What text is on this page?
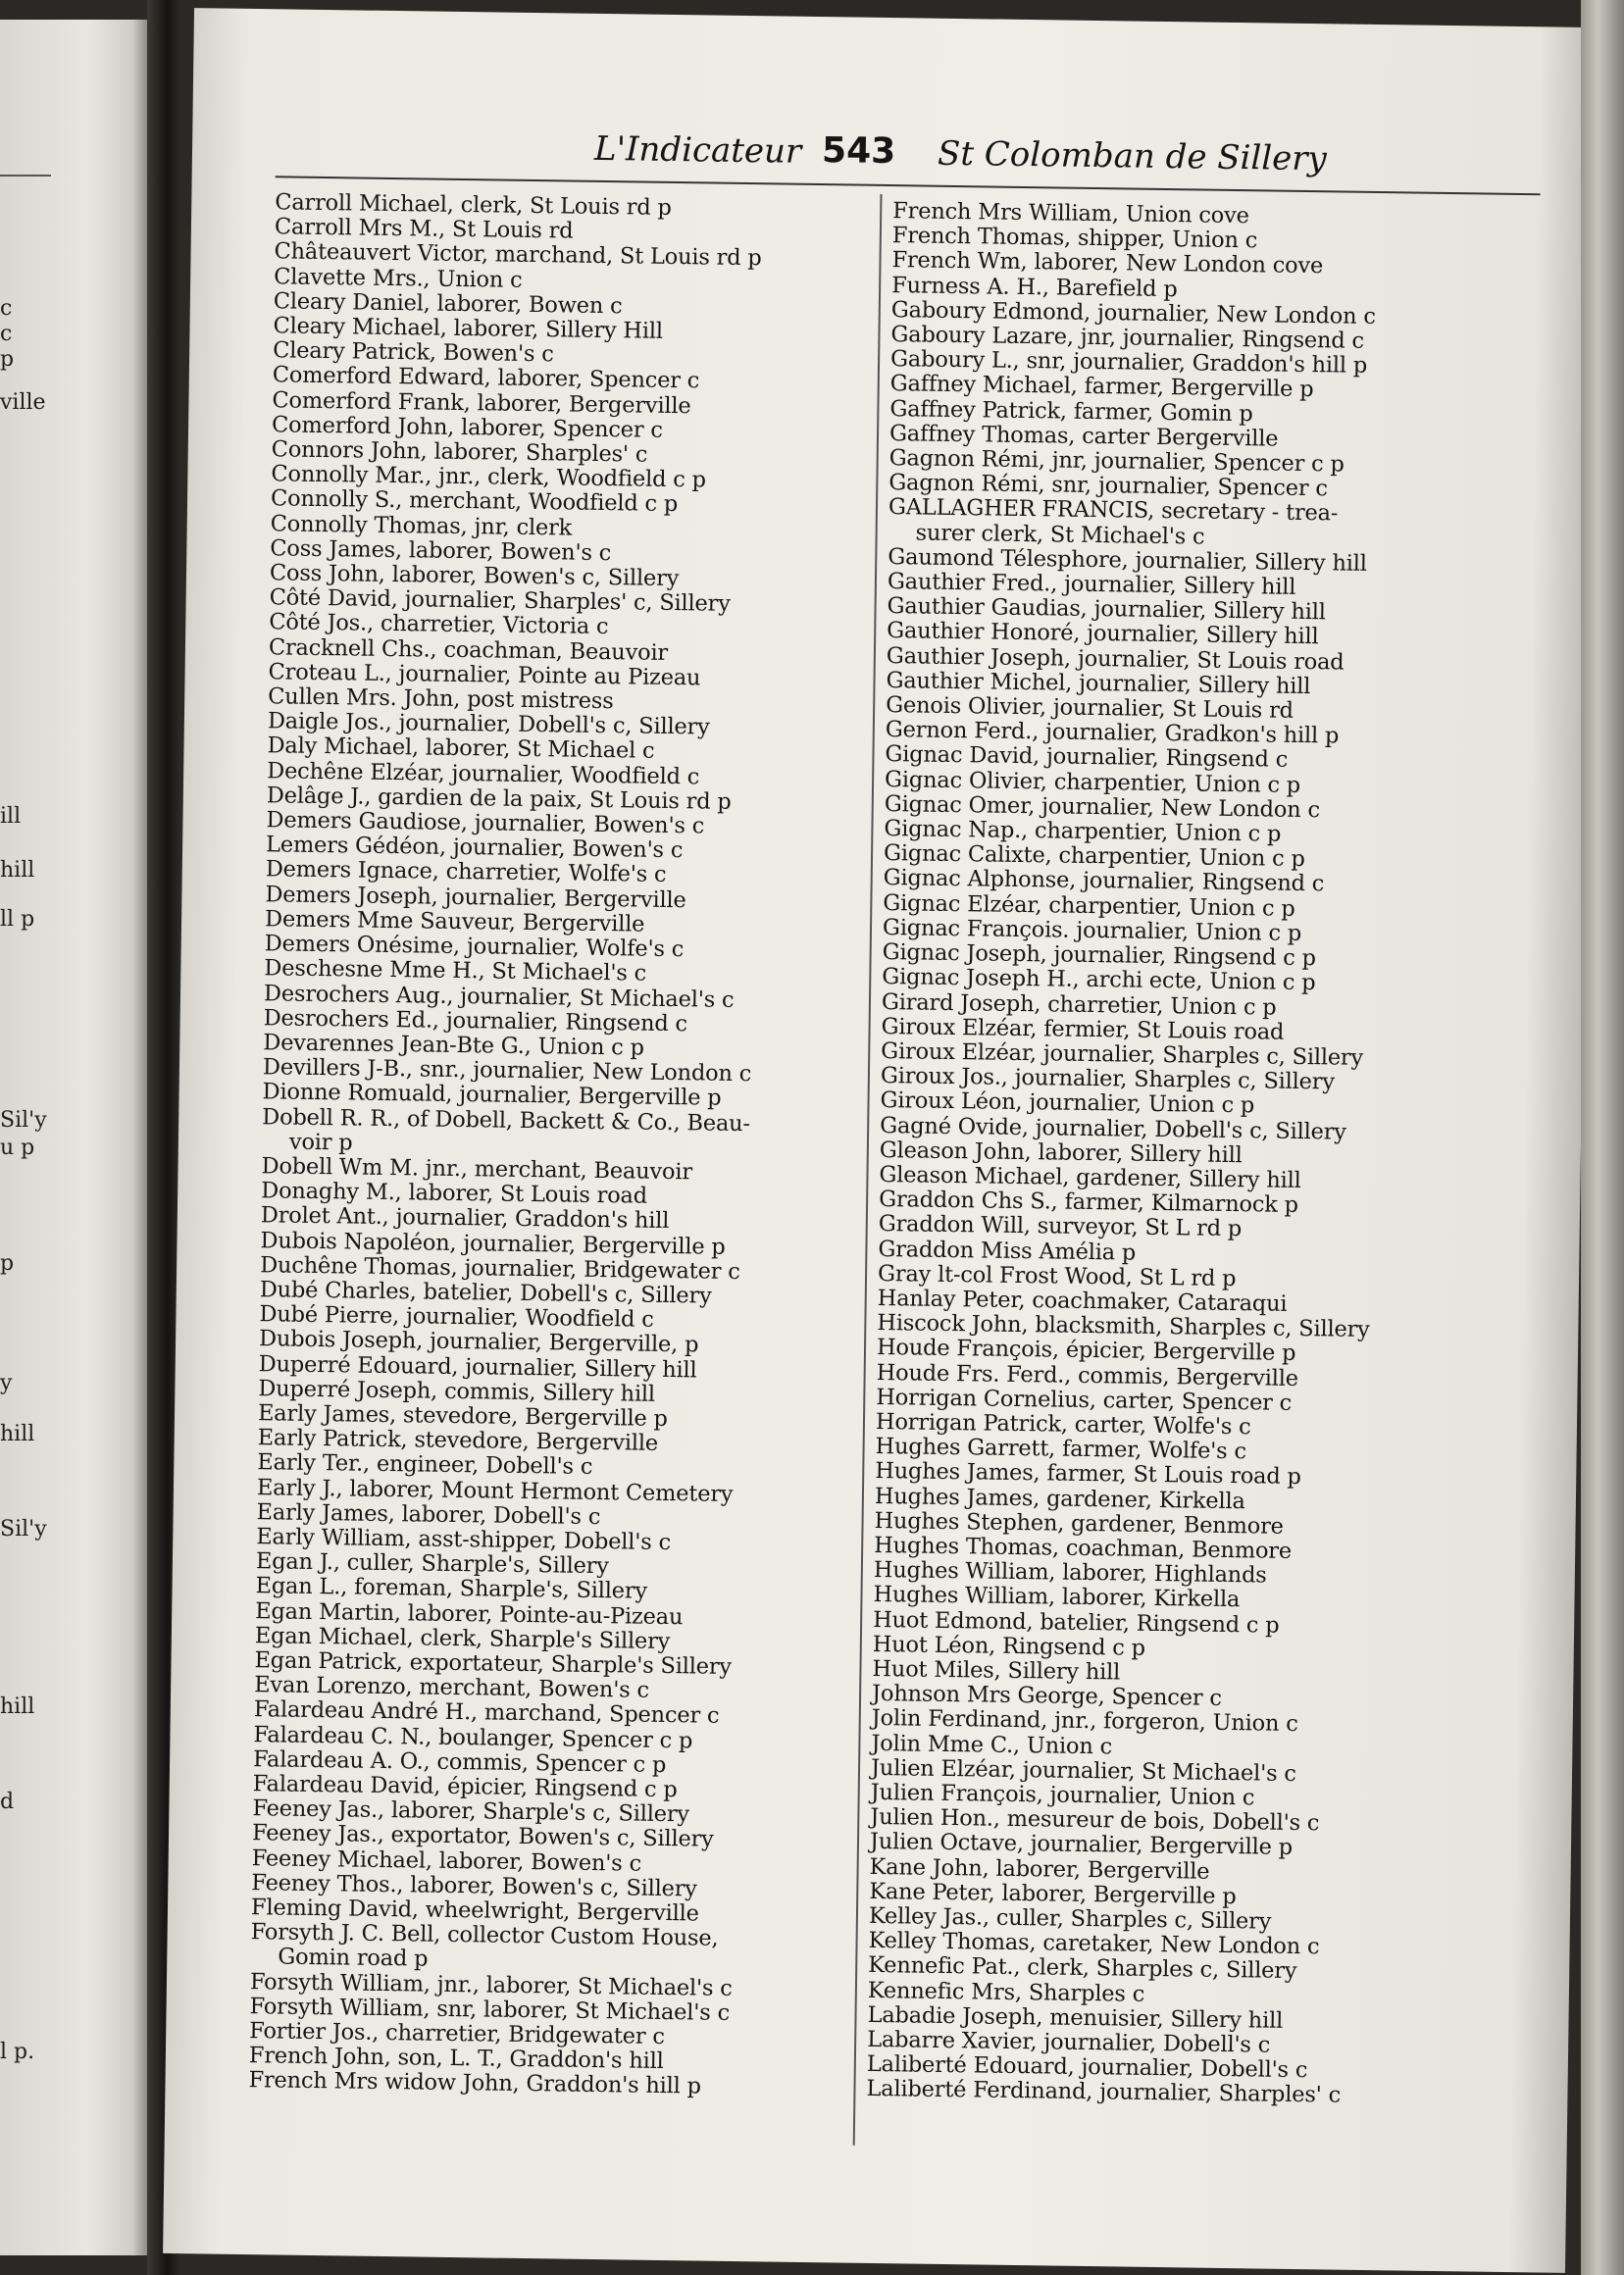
c
c
p
ville
ill
hill
ll p
Sil'y
u p
p
y
hill
Sil'y
hill
d
l p.
L'Indicateur 543 St Colomban de Sillery
Carroll Michael, clerk, St Louis rd p
Carroll Mrs M., St Louis rd
Châteauvert Victor, marchand, St Louis rd p
Clavette Mrs., Union c
Cleary Daniel, laborer, Bowen c
Cleary Michael, laborer, Sillery Hill
Cleary Patrick, Bowen's c
Comerford Edward, laborer, Spencer c
Comerford Frank, laborer, Bergerville
Comerford John, laborer, Spencer c
Connors John, laborer, Sharples' c
Connolly Mar., jnr., clerk, Woodfield c p
Connolly S., merchant, Woodfield c p
Connolly Thomas, jnr, clerk
Coss James, laborer, Bowen's c
Coss John, laborer, Bowen's c, Sillery
Côté David, journalier, Sharples' c, Sillery
Côté Jos., charretier, Victoria c
Cracknell Chs., coachman, Beauvoir
Croteau L., journalier, Pointe au Pizeau
Cullen Mrs. John, post mistress
Daigle Jos., journalier, Dobell's c, Sillery
Daly Michael, laborer, St Michael c
Dechêne Elzéar, journalier, Woodfield c
Delâge J., gardien de la paix, St Louis rd p
Demers Gaudiose, journalier, Bowen's c
Lemers Gédéon, journalier, Bowen's c
Demers Ignace, charretier, Wolfe's c
Demers Joseph, journalier, Bergerville
Demers Mme Sauveur, Bergerville
Demers Onésime, journalier, Wolfe's c
Deschesne Mme H., St Michael's c
Desrochers Aug., journalier, St Michael's c
Desrochers Ed., journalier, Ringsend c
Devarennes Jean-Bte G., Union c p
Devillers J-B., snr., journalier, New London c
Dionne Romuald, journalier, Bergerville p
Dobell R. R., of Dobell, Backett & Co., Beau-
voir p
Dobell Wm M. jnr., merchant, Beauvoir
Donaghy M., laborer, St Louis road
Drolet Ant., journalier, Graddon's hill
Dubois Napoléon, journalier, Bergerville p
Duchêne Thomas, journalier, Bridgewater c
Dubé Charles, batelier, Dobell's c, Sillery
Dubé Pierre, journalier, Woodfield c
Dubois Joseph, journalier, Bergerville, p
Duperré Edouard, journalier, Sillery hill
Duperré Joseph, commis, Sillery hill
Early James, stevedore, Bergerville p
Early Patrick, stevedore, Bergerville
Early Ter., engineer, Dobell's c
Early J., laborer, Mount Hermont Cemetery
Early James, laborer, Dobell's c
Early William, asst-shipper, Dobell's c
Egan J., culler, Sharple's, Sillery
Egan L., foreman, Sharple's, Sillery
Egan Martin, laborer, Pointe-au-Pizeau
Egan Michael, clerk, Sharple's Sillery
Egan Patrick, exportateur, Sharple's Sillery
Evan Lorenzo, merchant, Bowen's c
Falardeau André H., marchand, Spencer c
Falardeau C. N., boulanger, Spencer c p
Falardeau A. O., commis, Spencer c p
Falardeau David, épicier, Ringsend c p
Feeney Jas., laborer, Sharple's c, Sillery
Feeney Jas., exportator, Bowen's c, Sillery
Feeney Michael, laborer, Bowen's c
Feeney Thos., laborer, Bowen's c, Sillery
Fleming David, wheelwright, Bergerville
Forsyth J. C. Bell, collector Custom House,
Gomin road p
Forsyth William, jnr., laborer, St Michael's c
Forsyth William, snr, laborer, St Michael's c
Fortier Jos., charretier, Bridgewater c
French John, son, L. T., Graddon's hill
French Mrs widow John, Graddon's hill p
French Mrs William, Union cove
French Thomas, shipper, Union c
French Wm, laborer, New London cove
Furness A. H., Barefield p
Gaboury Edmond, journalier, New London c
Gaboury Lazare, jnr, journalier, Ringsend c
Gaboury L., snr, journalier, Graddon's hill p
Gaffney Michael, farmer, Bergerville p
Gaffney Patrick, farmer, Gomin p
Gaffney Thomas, carter Bergerville
Gagnon Rémi, jnr, journalier, Spencer c p
Gagnon Rémi, snr, journalier, Spencer c
GALLAGHER FRANCIS, secretary - trea-
surer clerk, St Michael's c
Gaumond Télesphore, journalier, Sillery hill
Gauthier Fred., journalier, Sillery hill
Gauthier Gaudias, journalier, Sillery hill
Gauthier Honoré, journalier, Sillery hill
Gauthier Joseph, journalier, St Louis road
Gauthier Michel, journalier, Sillery hill
Genois Olivier, journalier, St Louis rd
Gernon Ferd., journalier, Gradkon's hill p
Gignac David, journalier, Ringsend c
Gignac Olivier, charpentier, Union c p
Gignac Omer, journalier, New London c
Gignac Nap., charpentier, Union c p
Gignac Calixte, charpentier, Union c p
Gignac Alphonse, journalier, Ringsend c
Gignac Elzéar, charpentier, Union c p
Gignac François. journalier, Union c p
Gignac Joseph, journalier, Ringsend c p
Gignac Joseph H., archi ecte, Union c p
Girard Joseph, charretier, Union c p
Giroux Elzéar, fermier, St Louis road
Giroux Elzéar, journalier, Sharples c, Sillery
Giroux Jos., journalier, Sharples c, Sillery
Giroux Léon, journalier, Union c p
Gagné Ovide, journalier, Dobell's c, Sillery
Gleason John, laborer, Sillery hill
Gleason Michael, gardener, Sillery hill
Graddon Chs S., farmer, Kilmarnock p
Graddon Will, surveyor, St L rd p
Graddon Miss Amélia p
Gray lt-col Frost Wood, St L rd p
Hanlay Peter, coachmaker, Cataraqui
Hiscock John, blacksmith, Sharples c, Sillery
Houde François, épicier, Bergerville p
Houde Frs. Ferd., commis, Bergerville
Horrigan Cornelius, carter, Spencer c
Horrigan Patrick, carter, Wolfe's c
Hughes Garrett, farmer, Wolfe's c
Hughes James, farmer, St Louis road p
Hughes James, gardener, Kirkella
Hughes Stephen, gardener, Benmore
Hughes Thomas, coachman, Benmore
Hughes William, laborer, Highlands
Hughes William, laborer, Kirkella
Huot Edmond, batelier, Ringsend c p
Huot Léon, Ringsend c p
Huot Miles, Sillery hill
Johnson Mrs George, Spencer c
Jolin Ferdinand, jnr., forgeron, Union c
Jolin Mme C., Union c
Julien Elzéar, journalier, St Michael's c
Julien François, journalier, Union c
Julien Hon., mesureur de bois, Dobell's c
Julien Octave, journalier, Bergerville p
Kane John, laborer, Bergerville
Kane Peter, laborer, Bergerville p
Kelley Jas., culler, Sharples c, Sillery
Kelley Thomas, caretaker, New London c
Kennefic Pat., clerk, Sharples c, Sillery
Kennefic Mrs, Sharples c
Labadie Joseph, menuisier, Sillery hill
Labarre Xavier, journalier, Dobell's c
Laliberté Edouard, journalier, Dobell's c
Laliberté Ferdinand, journalier, Sharples' c
